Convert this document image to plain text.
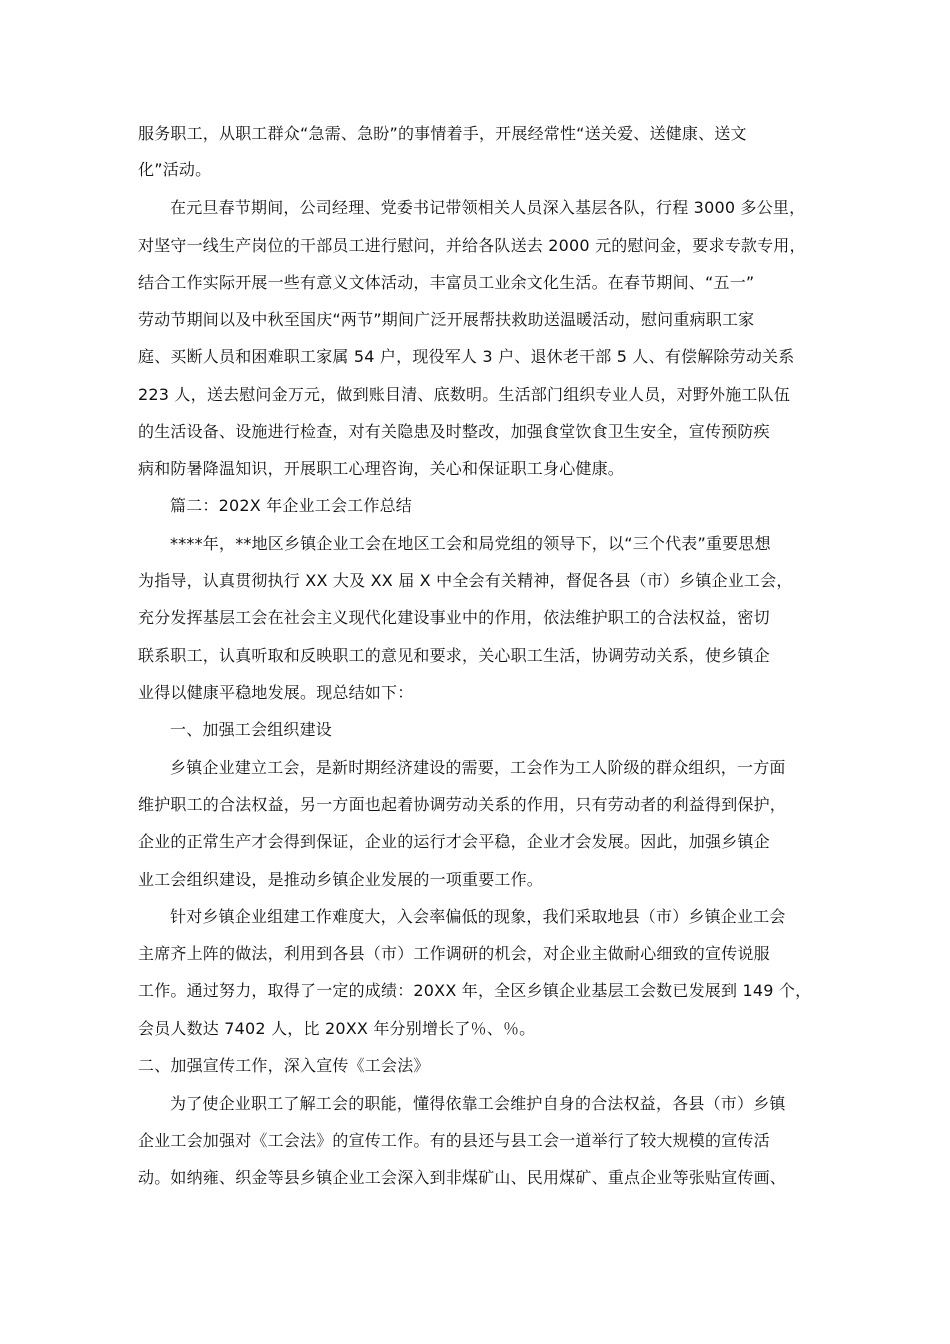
服务职工，从职工群众“急需、急盼”的事情着手，开展经常性“送关爱、送健康、送文
化”活动。
在元旦春节期间，公司经理、党委书记带领相关人员深入基层各队，行程 3000 多公里，
对坚守一线生产岗位的干部员工进行慰问，并给各队送去 2000 元的慰问金，要求专款专用，
结合工作实际开展一些有意义文体活动，丰富员工业余文化生活。在春节期间、“五一”
劳动节期间以及中秋至国庆“两节”期间广泛开展帮扶救助送温暖活动，慰问重病职工家
庭、买断人员和困难职工家属 54 户，现役军人 3 户、退休老干部 5 人、有偿解除劳动关系
223 人，送去慰问金万元，做到账目清、底数明。生活部门组织专业人员，对野外施工队伍
的生活设备、设施进行检查，对有关隐患及时整改，加强食堂饮食卫生安全，宣传预防疾
病和防暑降温知识，开展职工心理咨询，关心和保证职工身心健康。
篇二：202X 年企业工会工作总结
****年，**地区乡镇企业工会在地区工会和局党组的领导下，以“三个代表”重要思想
为指导，认真贯彻执行 XX 大及 XX 届 X 中全会有关精神，督促各县（市）乡镇企业工会，
充分发挥基层工会在社会主义现代化建设事业中的作用，依法维护职工的合法权益，密切
联系职工，认真听取和反映职工的意见和要求，关心职工生活，协调劳动关系，使乡镇企
业得以健康平稳地发展。现总结如下：
一、加强工会组织建设
乡镇企业建立工会，是新时期经济建设的需要，工会作为工人阶级的群众组织，一方面
维护职工的合法权益，另一方面也起着协调劳动关系的作用，只有劳动者的利益得到保护，
企业的正常生产才会得到保证，企业的运行才会平稳，企业才会发展。因此，加强乡镇企
业工会组织建设，是推动乡镇企业发展的一项重要工作。
针对乡镇企业组建工作难度大，入会率偏低的现象，我们采取地县（市）乡镇企业工会
主席齐上阵的做法，利用到各县（市）工作调研的机会，对企业主做耐心细致的宣传说服
工作。通过努力，取得了一定的成绩：20XX 年，全区乡镇企业基层工会数已发展到 149 个，
会员人数达 7402 人，比 20XX 年分别增长了％、％。
二、加强宣传工作，深入宣传《工会法》
为了使企业职工了解工会的职能，懂得依靠工会维护自身的合法权益，各县（市）乡镇
企业工会加强对《工会法》的宣传工作。有的县还与县工会一道举行了较大规模的宣传活
动。如纳雍、织金等县乡镇企业工会深入到非煤矿山、民用煤矿、重点企业等张贴宣传画、
